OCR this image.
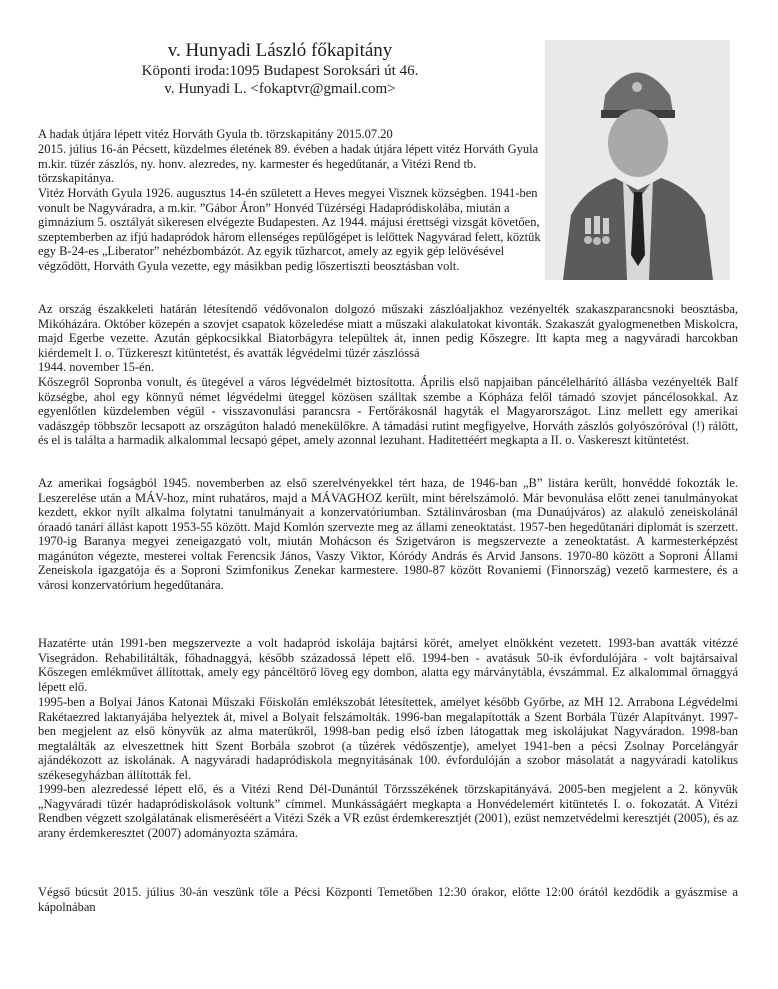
v. Hunyadi László főkapitány
Köponti iroda:1095 Budapest Soroksári út 46.
v. Hunyadi L. <fokaptvr@gmail.com>

A hadak útjára lépett vitéz Horváth Gyula tb. törzskapitány 2015.07.20

2015. július 16-án Pécsett, küzdelmes életének 89. évében a hadak útjára lépett vitéz Horváth Gyula m.kir. tüzér zászlós, ny. honv. alezredes, ny. karmester és hegedűtanár, a Vitézi Rend tb. törzskapitánya.

Vitéz Horváth Gyula 1926. augusztus 14-én született a Heves megyei Visznek községben. 1941-ben vonult be Nagyváradra, a m.kir. ”Gábor Áron” Honvéd Tüzérségi Hadapródiskolába, miután a gimnázium 5. osztályát sikeresen elvégezte Budapesten. Az 1944. májusi érettségi vizsgát követően, szeptemberben az ifjú hadapródok három ellenséges repülőgépet is lelőttek Nagyvárad felett, köztük egy B-24-es „Liberator” nehézbombázót. Az egyik tűzharcot, amely az egyik gép lelövésével végződött, Horváth Gyula vezette, egy másikban pedig lőszertiszti beosztásban volt.

Az ország északkeleti határán létesítendő védővonalon dolgozó műszaki zászlóaljakhoz vezényelték szakaszparancsnoki beosztásba, Mikóházára. Október közepén a szovjet csapatok közeledése miatt a műszaki alakulatokat kivonták. Szakaszát gyalogmenetben Miskolcra, majd Egerbe vezette. Azután gépkocsikkal Biatorbágyra települtek át, innen pedig Kőszegre. Itt kapta meg a nagyváradi harcokban kiérdemelt I. o. Tűzkereszt kitüntetést, és avatták légvédelmi tüzér zászlóssá

1944. november 15-én.

Kőszegről Sopronba vonult, és ütegével a város légvédelmét biztosította. Április első napjaiban páncélelhárító állásba vezényelték Balf községbe, ahol egy könnyű német légvédelmi üteggel közösen szálltak szembe a Kópháza felől támadó szovjet páncélosokkal. Az egyenlőtlen küzdelemben végül - visszavonulási parancsra - Fertőrákosnál hagyták el Magyarországot. Linz mellett egy amerikai vadászgép többször lecsapott az országúton haladó menekülőkre. A támadási rutint megfigyelve, Horváth zászlós golyószóróval (!) rálőtt, és el is találta a harmadik alkalommal lecsapó gépet, amely azonnal lezuhant. Haditettéért megkapta a II. o. Vaskereszt kitüntetést.

Az amerikai fogságból 1945. novemberben az első szerelvényekkel tért haza, de 1946-ban „B” listára került, honvéddé fokozták le. Leszerelése után a MÁV-hoz, mint ruhatáros, majd a MÁVAGHOZ került, mint bérelszámoló. Már bevonulása előtt zenei tanulmányokat kezdett, ekkor nyílt alkalma folytatni tanulmányait a konzervatóriumban. Sztálinvárosban (ma Dunaújváros) az alakuló zeneiskolánál óraadó tanári állást kapott 1953-55 között. Majd Komlón szervezte meg az állami zeneoktatást. 1957-ben hegedűtanári diplomát is szerzett. 1970-ig Baranya megyei zeneigazgató volt, miután Mohácson és Szigetváron is megszervezte a zeneoktatást. A karmesterképzést magánúton végezte, mesterei voltak Ferencsik János, Vaszy Viktor, Kóródy András és Arvid Jansons. 1970-80 között a Soproni Állami Zeneiskola igazgatója és a Soproni Szimfonikus Zenekar karmestere. 1980-87 között Rovaniemi (Finnország) vezető karmestere, és a városi konzervatórium hegedűtanára.

Hazatérte után 1991-ben megszervezte a volt hadapród iskolája bajtársi körét, amelyet elnökként vezetett. 1993-ban avatták vitézzé Visegrádon. Rehabilitálták, főhadnaggyá, később századossá lépett elő. 1994-ben - avatásuk 50-ik évfordulójára - volt bajtársaival Kőszegen emlékművet állítottak, amely egy páncéltörő löveg egy dombon, alatta egy márványtábla, évszámmal. Ez alkalommal őrnaggyá lépett elő.

1995-ben a Bolyai János Katonai Műszaki Főiskolán emlékszobát létesítettek, amelyet később Győrbe, az MH 12. Arrabona Légvédelmi Rakétaezred laktanyájába helyeztek át, mivel a Bolyait felszámolták. 1996-ban megalapították a Szent Borbála Tüzér Alapítványt. 1997-ben megjelent az első könyvük az alma materükről, 1998-ban pedig első ízben látogattak meg iskolájukat Nagyváradon. 1998-ban megtalálták az elveszettnek hitt Szent Borbála szobrot (a tüzérek védőszentje), amelyet 1941-ben a pécsi Zsolnay Porcelángyár ajándékozott az iskolának. A nagyváradi hadapródiskola megnyitásának 100. évfordulóján a szobor másolatát a nagyváradi katolikus székesegyházban állították fel.

1999-ben alezredessé lépett elő, és a Vitézi Rend Dél-Dunántúl Törzsszékének törzskapitányává. 2005-ben megjelent a 2. könyvük „Nagyváradi tüzér hadapródiskolások voltunk” címmel. Munkásságáért megkapta a Honvédelemért kitüntetés I. o. fokozatát. A Vitézi Rendben végzett szolgálatának elismeréséért a Vitézi Szék a VR ezüst érdemkeresztjét (2001), ezüst nemzetvédelmi keresztjét (2005), és az arany érdemkeresztet (2007) adományozta számára.

Végső búcsút 2015. július 30-án veszünk tőle a Pécsi Központi Temetőben 12:30 órakor, előtte 12:00 órától kezdődik a gyászmise a kápolnában
